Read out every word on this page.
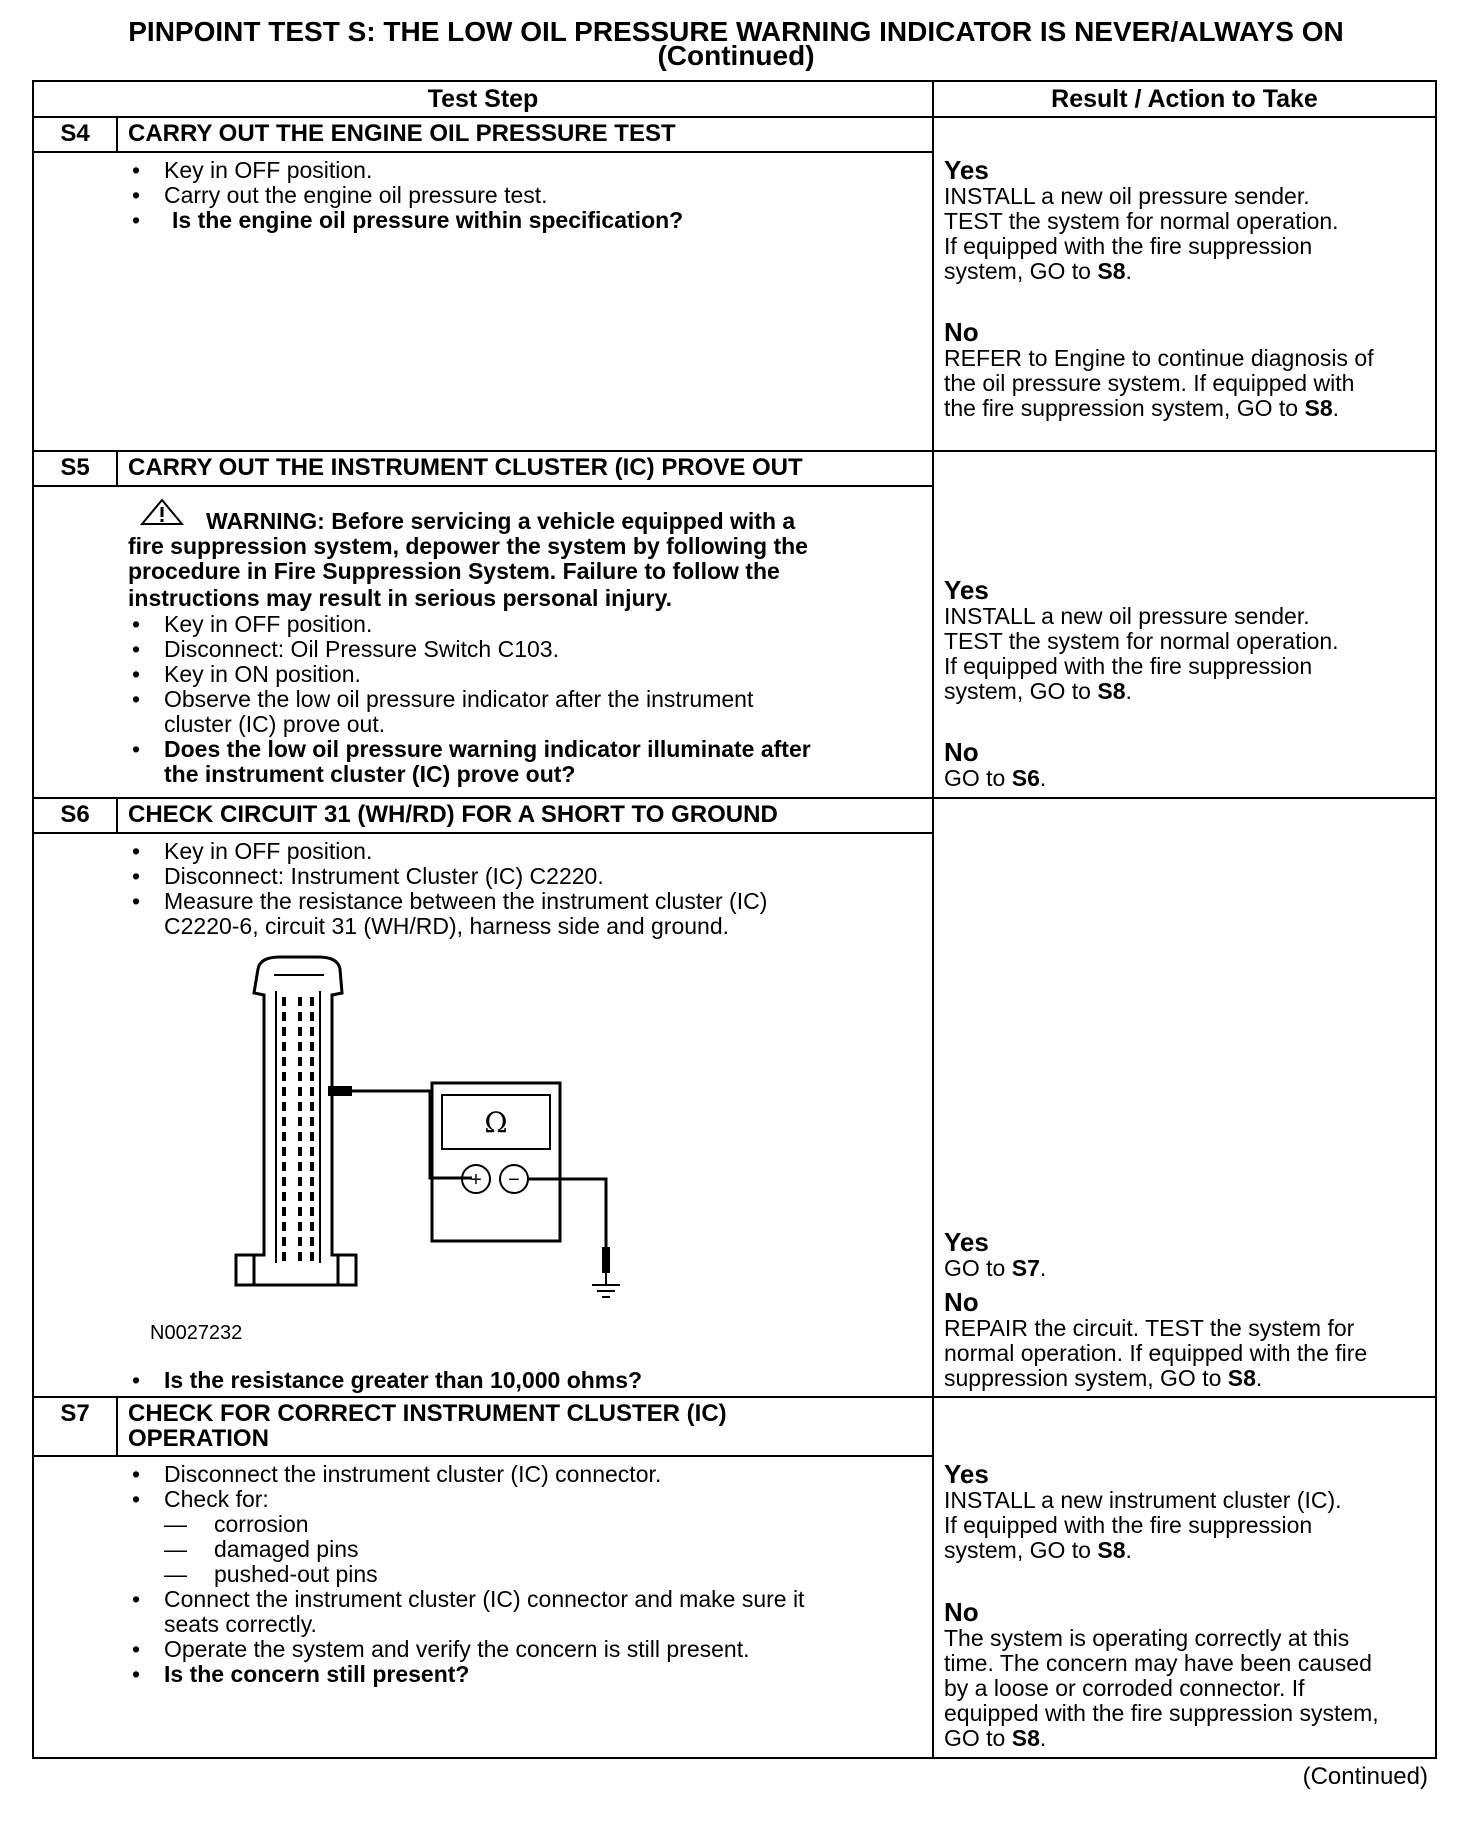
PINPOINT TEST S: THE LOW OIL PRESSURE WARNING INDICATOR IS NEVER/ALWAYS ON
(Continued)
Test Step	Result / Action to Take
S4	CARRY OUT THE ENGINE OIL PRESSURE TEST
• Key in OFF position.
• Carry out the engine oil pressure test.
• Is the engine oil pressure within specification?
Yes
INSTALL a new oil pressure sender.
TEST the system for normal operation.
If equipped with the fire suppression
system, GO to S8.
No
REFER to Engine to continue diagnosis of
the oil pressure system. If equipped with
the fire suppression system, GO to S8.
S5	CARRY OUT THE INSTRUMENT CLUSTER (IC) PROVE OUT
WARNING: Before servicing a vehicle equipped with a
fire suppression system, depower the system by following the
procedure in Fire Suppression System. Failure to follow the
instructions may result in serious personal injury.
• Key in OFF position.
• Disconnect: Oil Pressure Switch C103.
• Key in ON position.
• Observe the low oil pressure indicator after the instrument
cluster (IC) prove out.
• Does the low oil pressure warning indicator illuminate after
the instrument cluster (IC) prove out?
Yes
INSTALL a new oil pressure sender.
TEST the system for normal operation.
If equipped with the fire suppression
system, GO to S8.
No
GO to S6.
S6	CHECK CIRCUIT 31 (WH/RD) FOR A SHORT TO GROUND
• Key in OFF position.
• Disconnect: Instrument Cluster (IC) C2220.
• Measure the resistance between the instrument cluster (IC)
C2220-6, circuit 31 (WH/RD), harness side and ground.
Ω
+ −
N0027232
• Is the resistance greater than 10,000 ohms?
Yes
GO to S7.
No
REPAIR the circuit. TEST the system for
normal operation. If equipped with the fire
suppression system, GO to S8.
S7	CHECK FOR CORRECT INSTRUMENT CLUSTER (IC)
OPERATION
• Disconnect the instrument cluster (IC) connector.
• Check for:
— corrosion
— damaged pins
— pushed-out pins
• Connect the instrument cluster (IC) connector and make sure it
seats correctly.
• Operate the system and verify the concern is still present.
• Is the concern still present?
Yes
INSTALL a new instrument cluster (IC).
If equipped with the fire suppression
system, GO to S8.
No
The system is operating correctly at this
time. The concern may have been caused
by a loose or corroded connector. If
equipped with the fire suppression system,
GO to S8.
(Continued)
